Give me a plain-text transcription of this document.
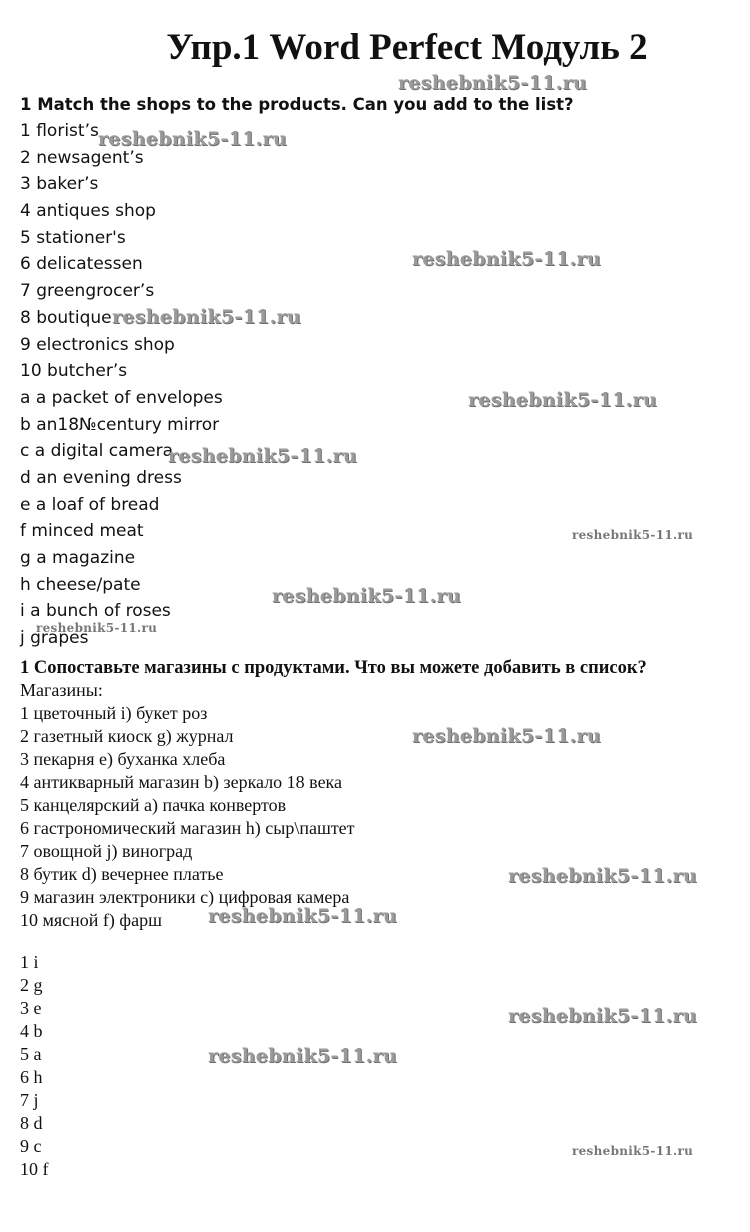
Упр.1 Word Perfect Модуль 2
1 Match the shops to the products. Can you add to the list?
1 florist’s
2 newsagent’s
3 baker’s
4 antiques shop
5 stationer's
6 delicatessen
7 greengrocer’s
8 boutique
9 electronics shop
10 butcher’s
a a packet of envelopes
b an18№century mirror
c a digital camera
d an evening dress
e a loaf of bread
f minced meat
g a magazine
h cheese/pate
i a bunch of roses
j grapes
1 Сопоставьте магазины с продуктами. Что вы можете добавить в список?
Магазины:
1 цветочный i) букет роз
2 газетный киоск g) журнал
3 пекарня e) буханка хлеба
4 антикварный магазин b) зеркало 18 века
5 канцелярский a) пачка конвертов
6 гастрономический магазин h) сыр\паштет
7 овощной j) виноград
8 бутик d) вечернее платье
9 магазин электроники c) цифровая камера
10 мясной f) фарш
1 i
2 g
3 e
4 b
5 a
6 h
7 j
8 d
9 c
10 f
reshebnik5-11.ru
reshebnik5-11.ru
reshebnik5-11.ru
reshebnik5-11.ru
reshebnik5-11.ru
reshebnik5-11.ru
reshebnik5-11.ru
reshebnik5-11.ru
reshebnik5-11.ru
reshebnik5-11.ru
reshebnik5-11.ru
reshebnik5-11.ru
reshebnik5-11.ru
reshebnik5-11.ru
reshebnik5-11.ru
